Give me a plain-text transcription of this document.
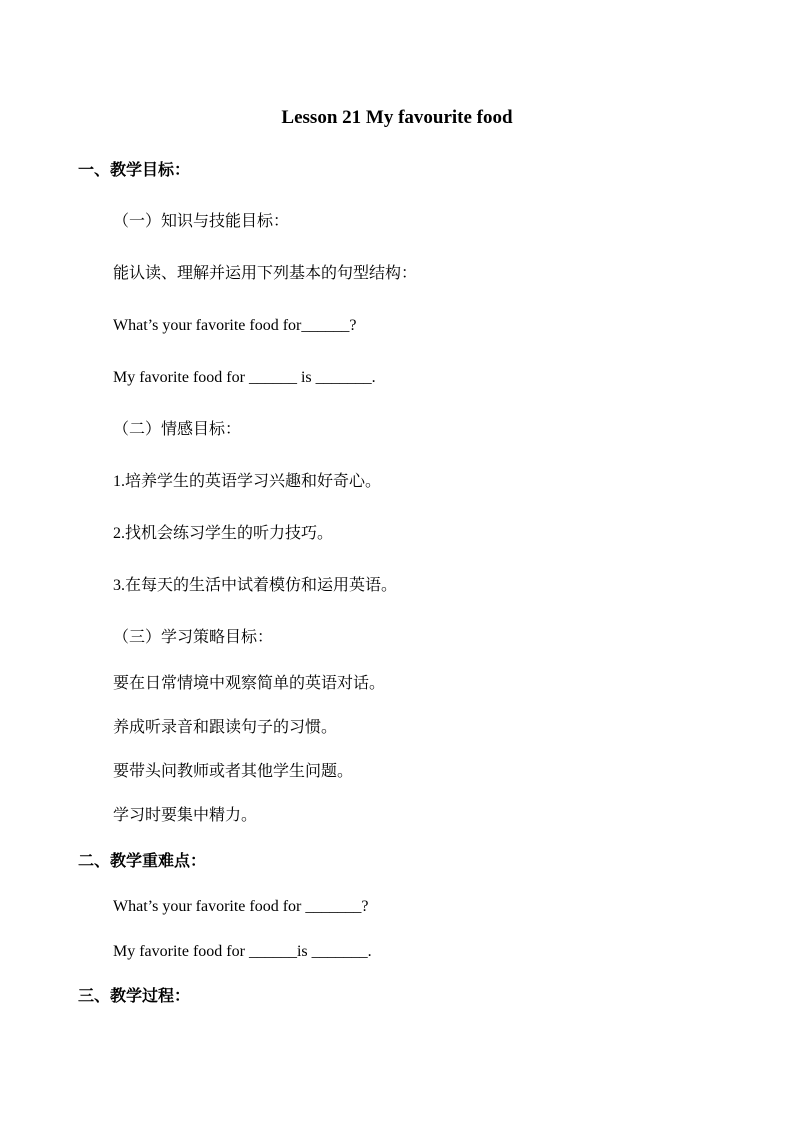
Lesson 21 My favourite food
一、教学目标：
（一）知识与技能目标：
能认读、理解并运用下列基本的句型结构：
What’s your favorite food for______?
My favorite food for ______ is _______.
（二）情感目标：
1.培养学生的英语学习兴趣和好奇心。
2.找机会练习学生的听力技巧。
3.在每天的生活中试着模仿和运用英语。
（三）学习策略目标：
要在日常情境中观察简单的英语对话。
养成听录音和跟读句子的习惯。
要带头问教师或者其他学生问题。
学习时要集中精力。
二、教学重难点：
What’s your favorite food for _______?
My favorite food for ______is _______.
三、教学过程：
